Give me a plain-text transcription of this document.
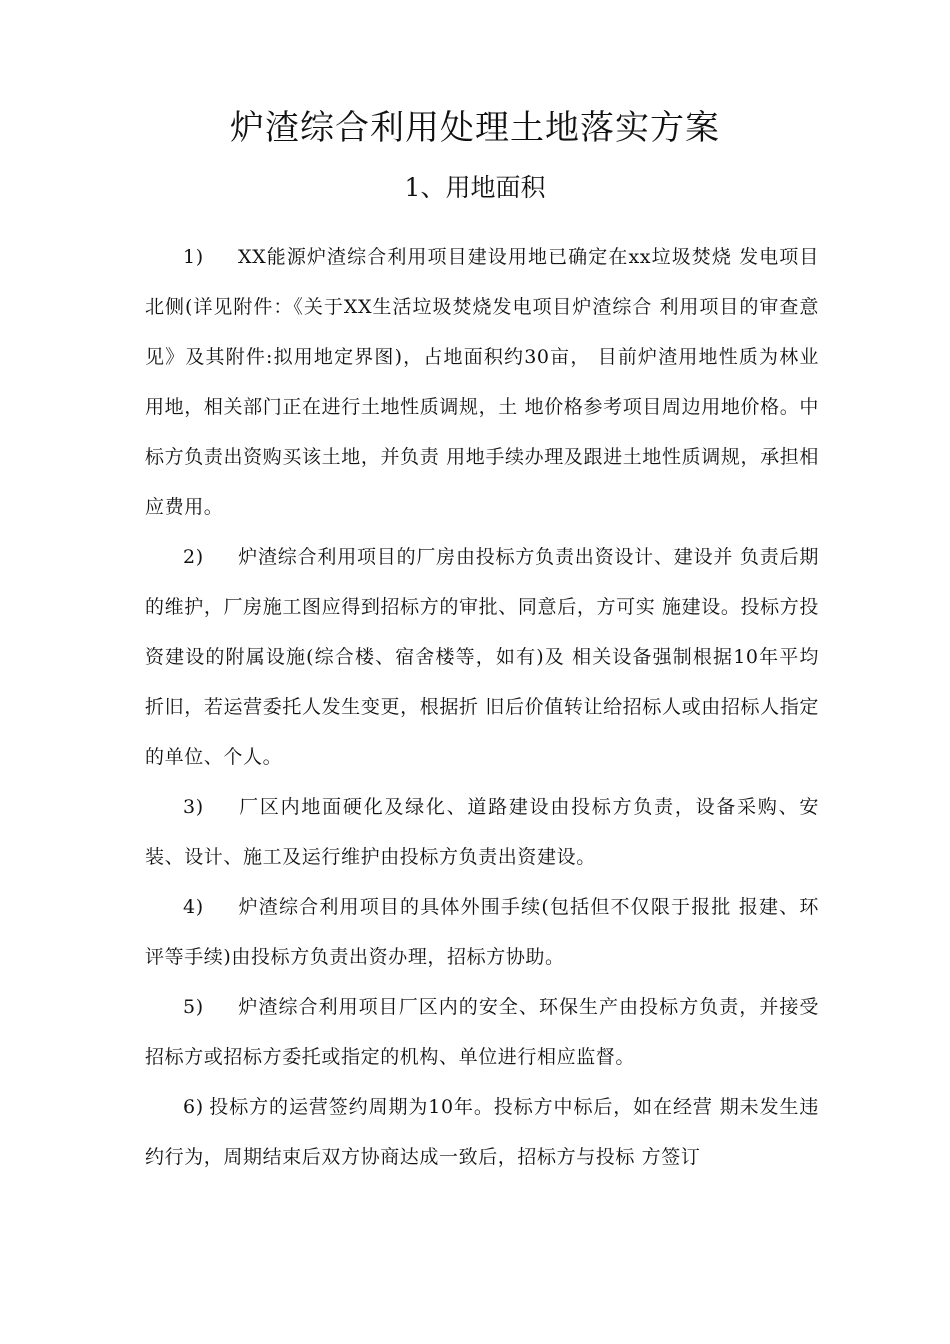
炉渣综合利用处理土地落实方案
1、用地面积

1) XX能源炉渣综合利用项目建设用地已确定在xx垃圾焚烧 发电项目北侧(详见附件：《关于XX生活垃圾焚烧发电项目炉渣综合 利用项目的审查意见》及其附件:拟用地定界图)，占地面积约30亩， 目前炉渣用地性质为林业用地，相关部门正在进行土地性质调规，土 地价格参考项目周边用地价格。中标方负责出资购买该土地，并负责 用地手续办理及跟进土地性质调规，承担相应费用。

2) 炉渣综合利用项目的厂房由投标方负责出资设计、建设并 负责后期的维护，厂房施工图应得到招标方的审批、同意后，方可实 施建设。投标方投资建设的附属设施(综合楼、宿舍楼等，如有)及 相关设备强制根据10年平均折旧，若运营委托人发生变更，根据折 旧后价值转让给招标人或由招标人指定的单位、个人。

3) 厂区内地面硬化及绿化、道路建设由投标方负责，设备采购、安装、设计、施工及运行维护由投标方负责出资建设。

4) 炉渣综合利用项目的具体外围手续(包括但不仅限于报批 报建、环评等手续)由投标方负责出资办理，招标方协助。

5) 炉渣综合利用项目厂区内的安全、环保生产由投标方负责，并接受招标方或招标方委托或指定的机构、单位进行相应监督。

6) 投标方的运营签约周期为10年。投标方中标后，如在经营 期未发生违约行为，周期结束后双方协商达成一致后，招标方与投标 方签订
